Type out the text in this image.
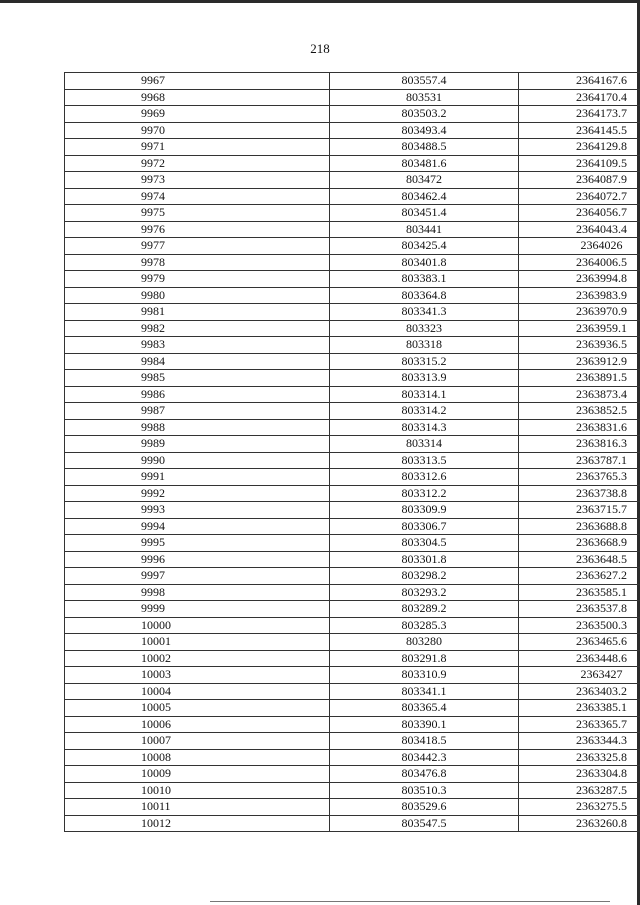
218
9967	803557.4	2364167.6
9968	803531	2364170.4
9969	803503.2	2364173.7
9970	803493.4	2364145.5
9971	803488.5	2364129.8
9972	803481.6	2364109.5
9973	803472	2364087.9
9974	803462.4	2364072.7
9975	803451.4	2364056.7
9976	803441	2364043.4
9977	803425.4	2364026
9978	803401.8	2364006.5
9979	803383.1	2363994.8
9980	803364.8	2363983.9
9981	803341.3	2363970.9
9982	803323	2363959.1
9983	803318	2363936.5
9984	803315.2	2363912.9
9985	803313.9	2363891.5
9986	803314.1	2363873.4
9987	803314.2	2363852.5
9988	803314.3	2363831.6
9989	803314	2363816.3
9990	803313.5	2363787.1
9991	803312.6	2363765.3
9992	803312.2	2363738.8
9993	803309.9	2363715.7
9994	803306.7	2363688.8
9995	803304.5	2363668.9
9996	803301.8	2363648.5
9997	803298.2	2363627.2
9998	803293.2	2363585.1
9999	803289.2	2363537.8
10000	803285.3	2363500.3
10001	803280	2363465.6
10002	803291.8	2363448.6
10003	803310.9	2363427
10004	803341.1	2363403.2
10005	803365.4	2363385.1
10006	803390.1	2363365.7
10007	803418.5	2363344.3
10008	803442.3	2363325.8
10009	803476.8	2363304.8
10010	803510.3	2363287.5
10011	803529.6	2363275.5
10012	803547.5	2363260.8
